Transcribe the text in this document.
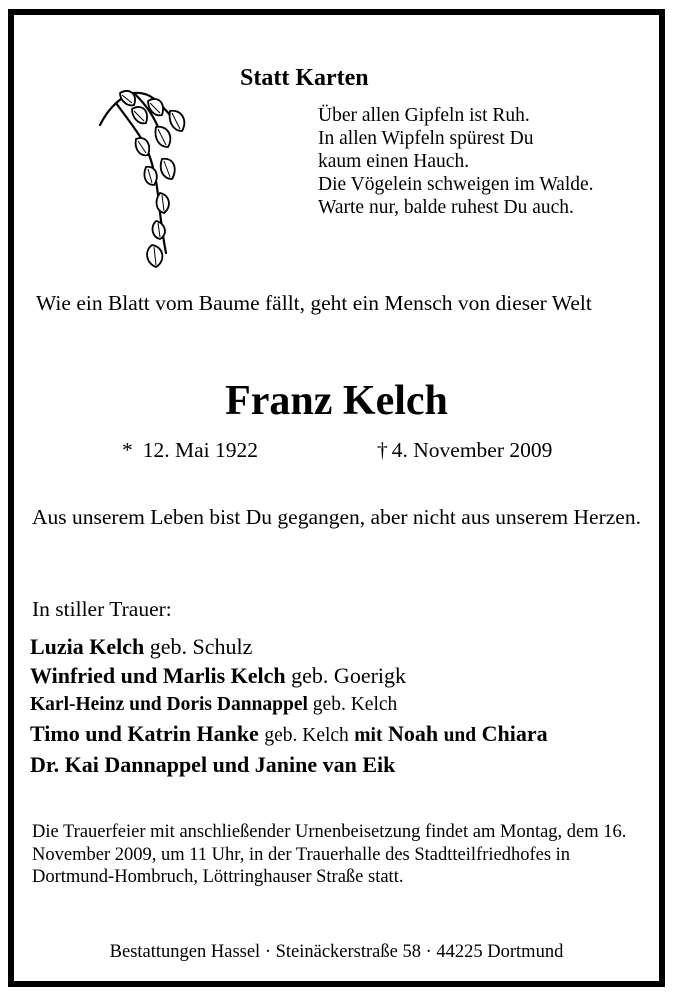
Statt Karten
Über allen Gipfeln ist Ruh.
In allen Wipfeln spürest Du
kaum einen Hauch.
Die Vögelein schweigen im Walde.
Warte nur, balde ruhest Du auch.
Wie ein Blatt vom Baume fällt, geht ein Mensch von dieser Welt
Franz Kelch
* 12. Mai 1922	† 4. November 2009
Aus unserem Leben bist Du gegangen, aber nicht aus unserem Herzen.
In stiller Trauer:
Luzia Kelch geb. Schulz
Winfried und Marlis Kelch geb. Goerigk
Karl-Heinz und Doris Dannappel geb. Kelch
Timo und Katrin Hanke geb. Kelch mit Noah und Chiara
Dr. Kai Dannappel und Janine van Eik
Die Trauerfeier mit anschließender Urnenbeisetzung findet am Montag, dem 16. November 2009, um 11 Uhr, in der Trauerhalle des Stadtteilfriedhofes in Dortmund-Hombruch, Löttringhauser Straße statt.
Bestattungen Hassel · Steinäckerstraße 58 · 44225 Dortmund
